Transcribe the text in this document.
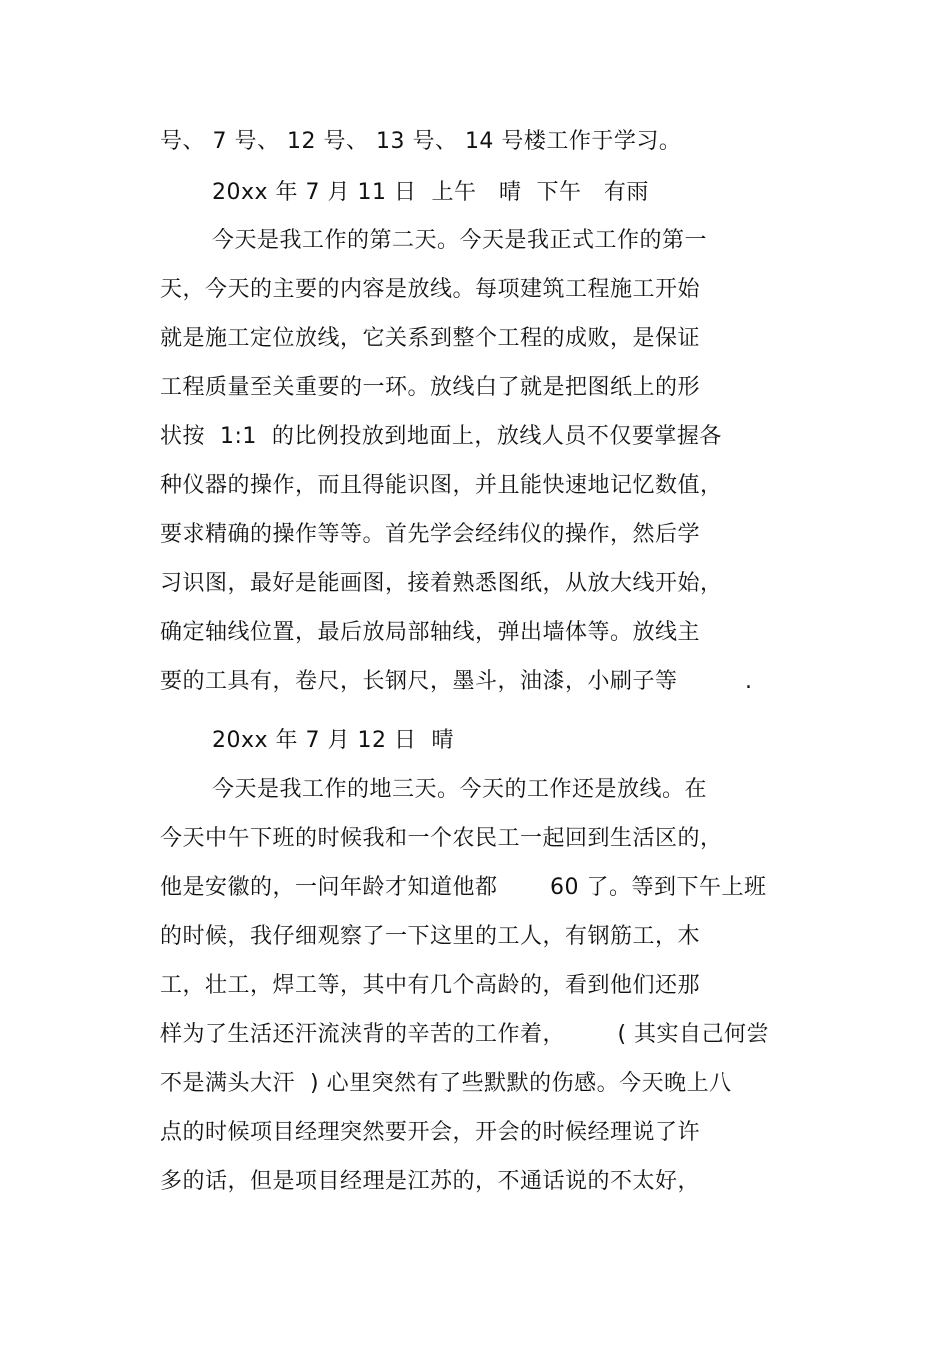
号、 7 号、 12 号、 13 号、 14 号楼工作于学习。
20xx 年 7 月 11 日  上午   晴  下午   有雨
今天是我工作的第二天。今天是我正式工作的第一
天，今天的主要的内容是放线。每项建筑工程施工开始
就是施工定位放线，它关系到整个工程的成败，是保证
工程质量至关重要的一环。放线白了就是把图纸上的形
状按  1:1  的比例投放到地面上，放线人员不仅要掌握各
种仪器的操作，而且得能识图，并且能快速地记忆数值，
要求精确的操作等等。首先学会经纬仪的操作，然后学
习识图，最好是能画图，接着熟悉图纸，从放大线开始，
确定轴线位置，最后放局部轴线，弹出墙体等。放线主
要的工具有，卷尺，长钢尺，墨斗，油漆，小刷子等         .
20xx 年 7 月 12 日  晴
今天是我工作的地三天。今天的工作还是放线。在
今天中午下班的时候我和一个农民工一起回到生活区的，
他是安徽的，一问年龄才知道他都       60 了。等到下午上班
的时候，我仔细观察了一下这里的工人，有钢筋工，木
工，壮工，焊工等，其中有几个高龄的，看到他们还那
样为了生活还汗流浃背的辛苦的工作着，       ( 其实自己何尝
不是满头大汗  ) 心里突然有了些默默的伤感。今天晚上八
点的时候项目经理突然要开会，开会的时候经理说了许
多的话，但是项目经理是江苏的，不通话说的不太好，
